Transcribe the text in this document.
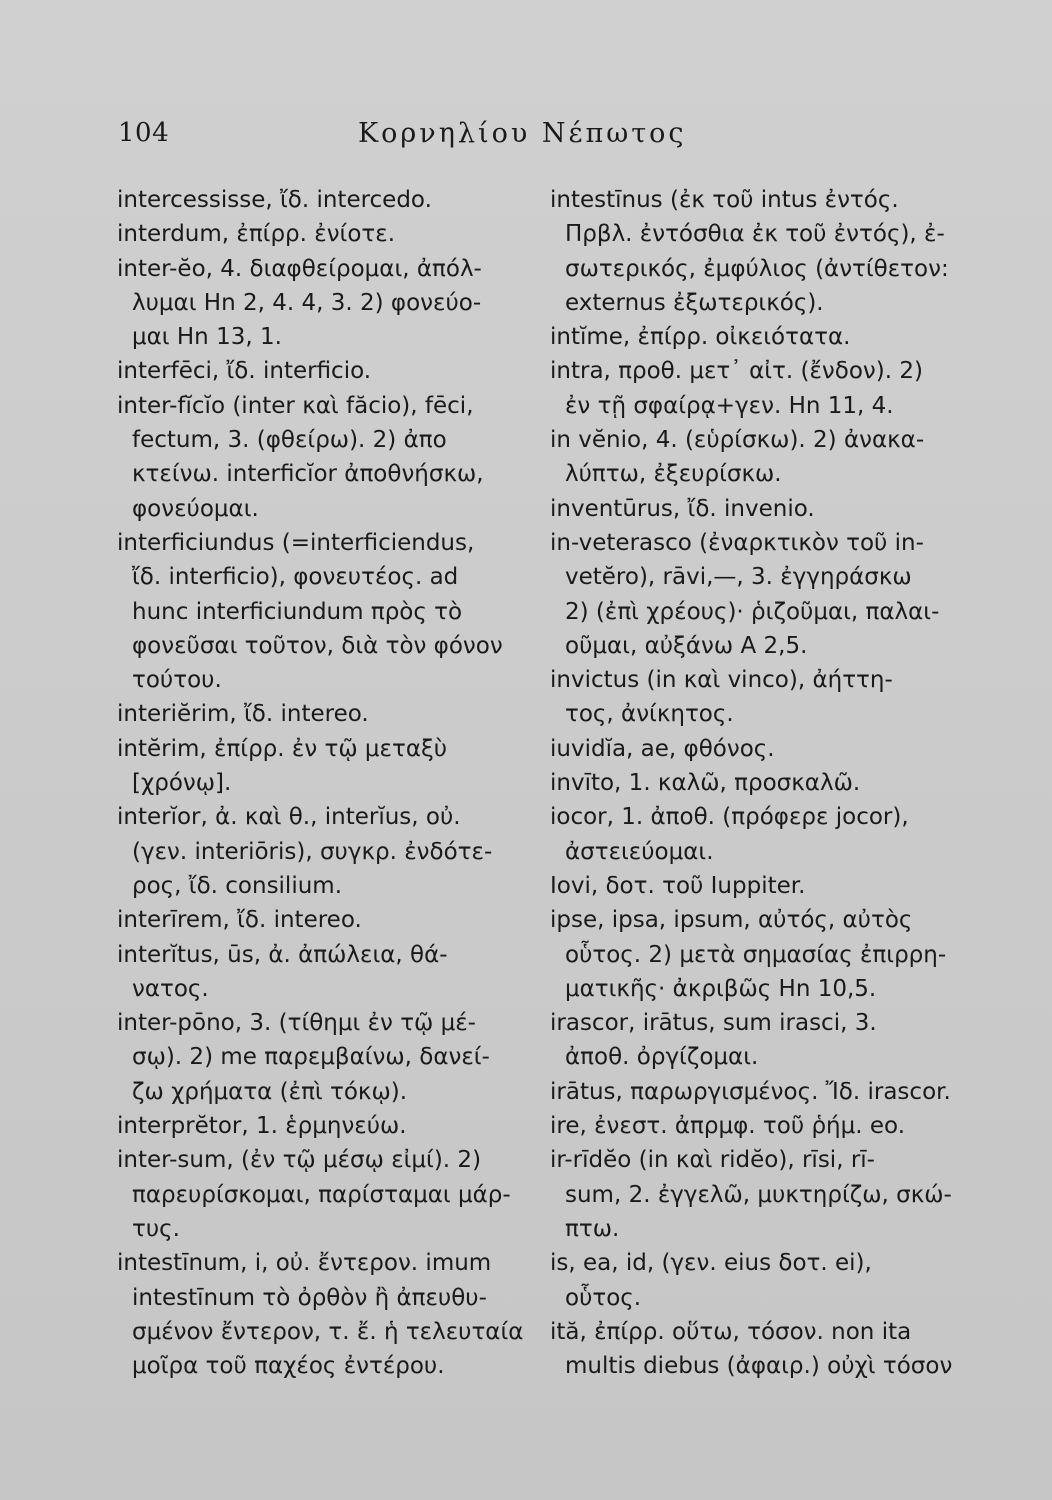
104	Κορνηλίου Νέπωτος
intercessisse, ἴδ. intercedo.
interdum, ἐπίρρ. ἐνίοτε.
inter-ĕo, 4. διαφθείρομαι, ἀπόλ-
λυμαι Hn 2, 4. 4, 3. 2) φονεύο-
μαι Hn 13, 1.
interfēci, ἴδ. interficio.
inter-fĭcĭo (inter καὶ făcio), fēci,
fectum, 3. (φθείρω). 2) ἀπο
κτείνω. interficĭor ἀποθνήσκω,
φονεύομαι.
interficiundus (=interficiendus,
ἴδ. interficio), φονευτέος. ad
hunc interficiundum πρὸς τὸ
φονεῦσαι τοῦτον, διὰ τὸν φόνον
τούτου.
interiĕrim, ἴδ. intereo.
intĕrim, ἐπίρρ. ἐν τῷ μεταξὺ
[χρόνῳ].
interĭor, ἀ. καὶ θ., interĭus, οὐ.
(γεν. interiōris), συγκρ. ἐνδότε-
ρος, ἴδ. consilium.
interīrem, ἴδ. intereo.
interĭtus, ūs, ἀ. ἀπώλεια, θά-
νατος.
inter-pōno, 3. (τίθημι ἐν τῷ μέ-
σῳ). 2) me παρεμβαίνω, δανεί-
ζω χρήματα (ἐπὶ τόκῳ).
interprĕtor, 1. ἑρμηνεύω.
inter-sum, (ἐν τῷ μέσῳ εἰμί). 2)
παρευρίσκομαι, παρίσταμαι μάρ-
τυς.
intestīnum, i, οὐ. ἔντερον. imum
intestīnum τὸ ὀρθὸν ἢ ἀπευθυ-
σμένον ἔντερον, τ. ἔ. ἡ τελευταία
μοῖρα τοῦ παχέος ἐντέρου.
intestīnus (ἐκ τοῦ intus ἐντός.
Πρβλ. ἐντόσθια ἐκ τοῦ ἐντός), ἐ-
σωτερικός, ἐμφύλιος (ἀντίθετον:
externus ἐξωτερικός).
intĭme, ἐπίρρ. οἰκειότατα.
intra, προθ. μετ᾽ αἰτ. (ἔνδον). 2)
ἐν τῇ σφαίρᾳ+γεν. Hn 11, 4.
in vĕnio, 4. (εὑρίσκω). 2) ἀνακα-
λύπτω, ἐξευρίσκω.
inventūrus, ἴδ. invenio.
in-veterasco (ἐναρκτικὸν τοῦ in-
vetĕro), rāvi,—, 3. ἐγγηράσκω
2) (ἐπὶ χρέους)· ῥιζοῦμαι, παλαι-
οῦμαι, αὐξάνω A 2,5.
invictus (in καὶ vinco), ἀήττη-
τος, ἀνίκητος.
iuvidĭa, ae, φθόνος.
invīto, 1. καλῶ, προσκαλῶ.
iocor, 1. ἀποθ. (πρόφερε jocor),
ἀστειεύομαι.
Iovi, δοτ. τοῦ Iuppiter.
ipse, ipsa, ipsum, αὐτός, αὐτὸς
οὗτος. 2) μετὰ σημασίας ἐπιρρη-
ματικῆς· ἀκριβῶς Hn 10,5.
irascor, irātus, sum irasci, 3.
ἀποθ. ὀργίζομαι.
irātus, παρωργισμένος. Ἴδ. irascor.
ire, ἐνεστ. ἀπρμφ. τοῦ ῥήμ. eo.
ir-rīdĕo (in καὶ ridĕo), rīsi, rī-
sum, 2. ἐγγελῶ, μυκτηρίζω, σκώ-
πτω.
is, ea, id, (γεν. eius δοτ. ei),
οὗτος.
ită, ἐπίρρ. οὕτω, τόσον. non ita
multis diebus (ἀφαιρ.) οὐχὶ τόσον
